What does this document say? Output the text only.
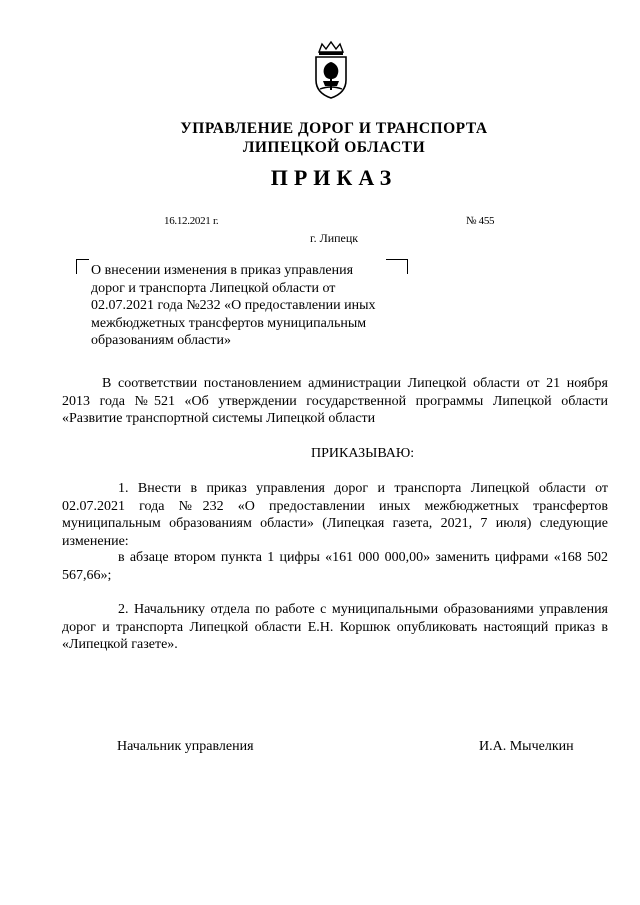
УПРАВЛЕНИЕ ДОРОГ И ТРАНСПОРТА
ЛИПЕЦКОЙ ОБЛАСТИ
ПРИКАЗ
16.12.2021 г.	№ 455
г. Липецк
О внесении изменения в приказ управления
дорог и транспорта Липецкой области от
02.07.2021 года №232 «О предоставлении иных
межбюджетных трансфертов муниципальным
образованиям области»
В соответствии постановлением администрации Липецкой области от 21 ноября 2013 года №521 «Об утверждении государственной программы Липецкой области «Развитие транспортной системы Липецкой области
ПРИКАЗЫВАЮ:
1. Внести в приказ управления дорог и транспорта Липецкой области от 02.07.2021 года №232 «О предоставлении иных межбюджетных трансфертов муниципальным образованиям области» (Липецкая газета, 2021, 7 июля) следующие изменение:
в абзаце втором пункта 1 цифры «161 000 000,00» заменить цифрами «168 502 567,66»;
2. Начальнику отдела по работе с муниципальными образованиями управления дорог и транспорта Липецкой области Е.Н. Коршюк опубликовать настоящий приказ в «Липецкой газете».
Начальник управления	И.А. Мычелкин
